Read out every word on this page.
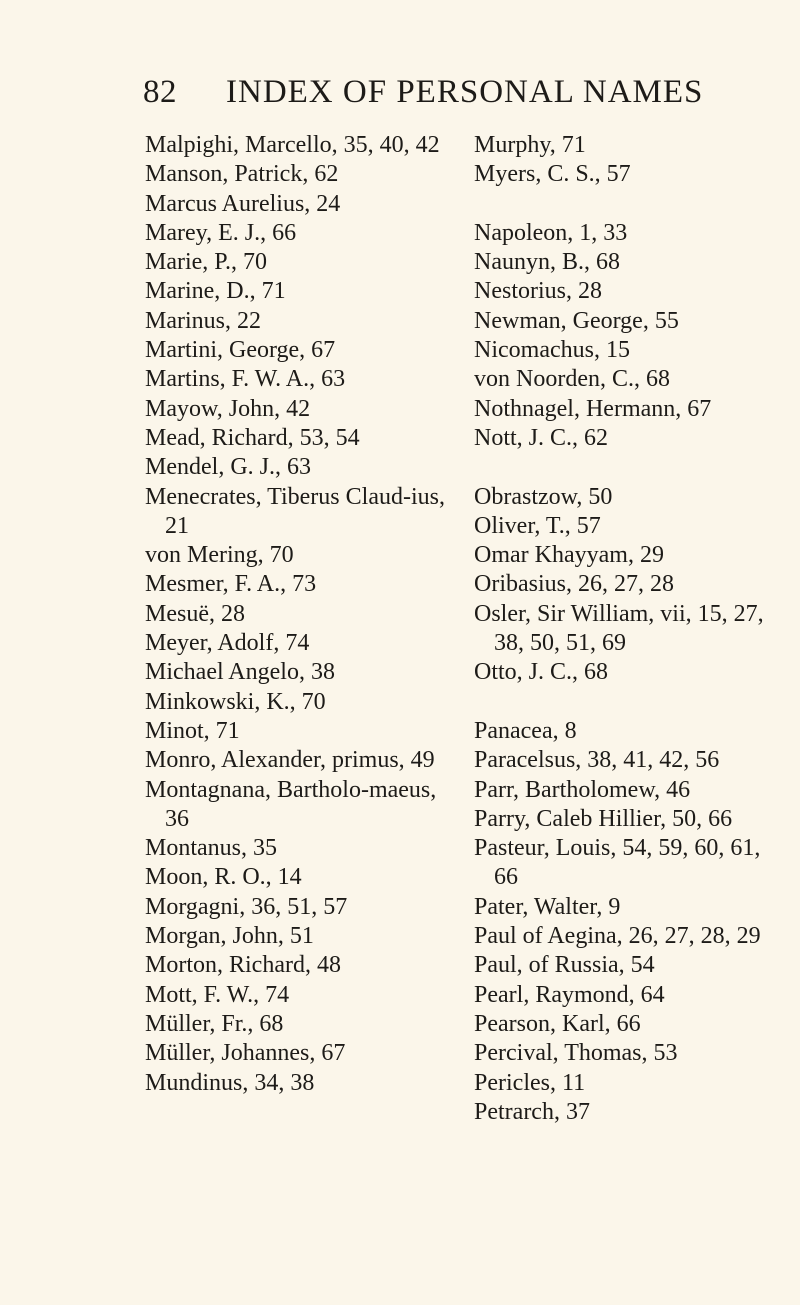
82 INDEX OF PERSONAL NAMES
Malpighi, Marcello, 35, 40, 42
Manson, Patrick, 62
Marcus Aurelius, 24
Marey, E. J., 66
Marie, P., 70
Marine, D., 71
Marinus, 22
Martini, George, 67
Martins, F. W. A., 63
Mayow, John, 42
Mead, Richard, 53, 54
Mendel, G. J., 63
Menecrates, Tiberus Claud-ius, 21
von Mering, 70
Mesmer, F. A., 73
Mesuë, 28
Meyer, Adolf, 74
Michael Angelo, 38
Minkowski, K., 70
Minot, 71
Monro, Alexander, primus, 49
Montagnana, Bartholo-maeus, 36
Montanus, 35
Moon, R. O., 14
Morgagni, 36, 51, 57
Morgan, John, 51
Morton, Richard, 48
Mott, F. W., 74
Müller, Fr., 68
Müller, Johannes, 67
Mundinus, 34, 38
Murphy, 71
Myers, C. S., 57
Napoleon, 1, 33
Naunyn, B., 68
Nestorius, 28
Newman, George, 55
Nicomachus, 15
von Noorden, C., 68
Nothnagel, Hermann, 67
Nott, J. C., 62
Obrastzow, 50
Oliver, T., 57
Omar Khayyam, 29
Oribasius, 26, 27, 28
Osler, Sir William, vii, 15, 27, 38, 50, 51, 69
Otto, J. C., 68
Panacea, 8
Paracelsus, 38, 41, 42, 56
Parr, Bartholomew, 46
Parry, Caleb Hillier, 50, 66
Pasteur, Louis, 54, 59, 60, 61, 66
Pater, Walter, 9
Paul of Aegina, 26, 27, 28, 29
Paul, of Russia, 54
Pearl, Raymond, 64
Pearson, Karl, 66
Percival, Thomas, 53
Pericles, 11
Petrarch, 37
